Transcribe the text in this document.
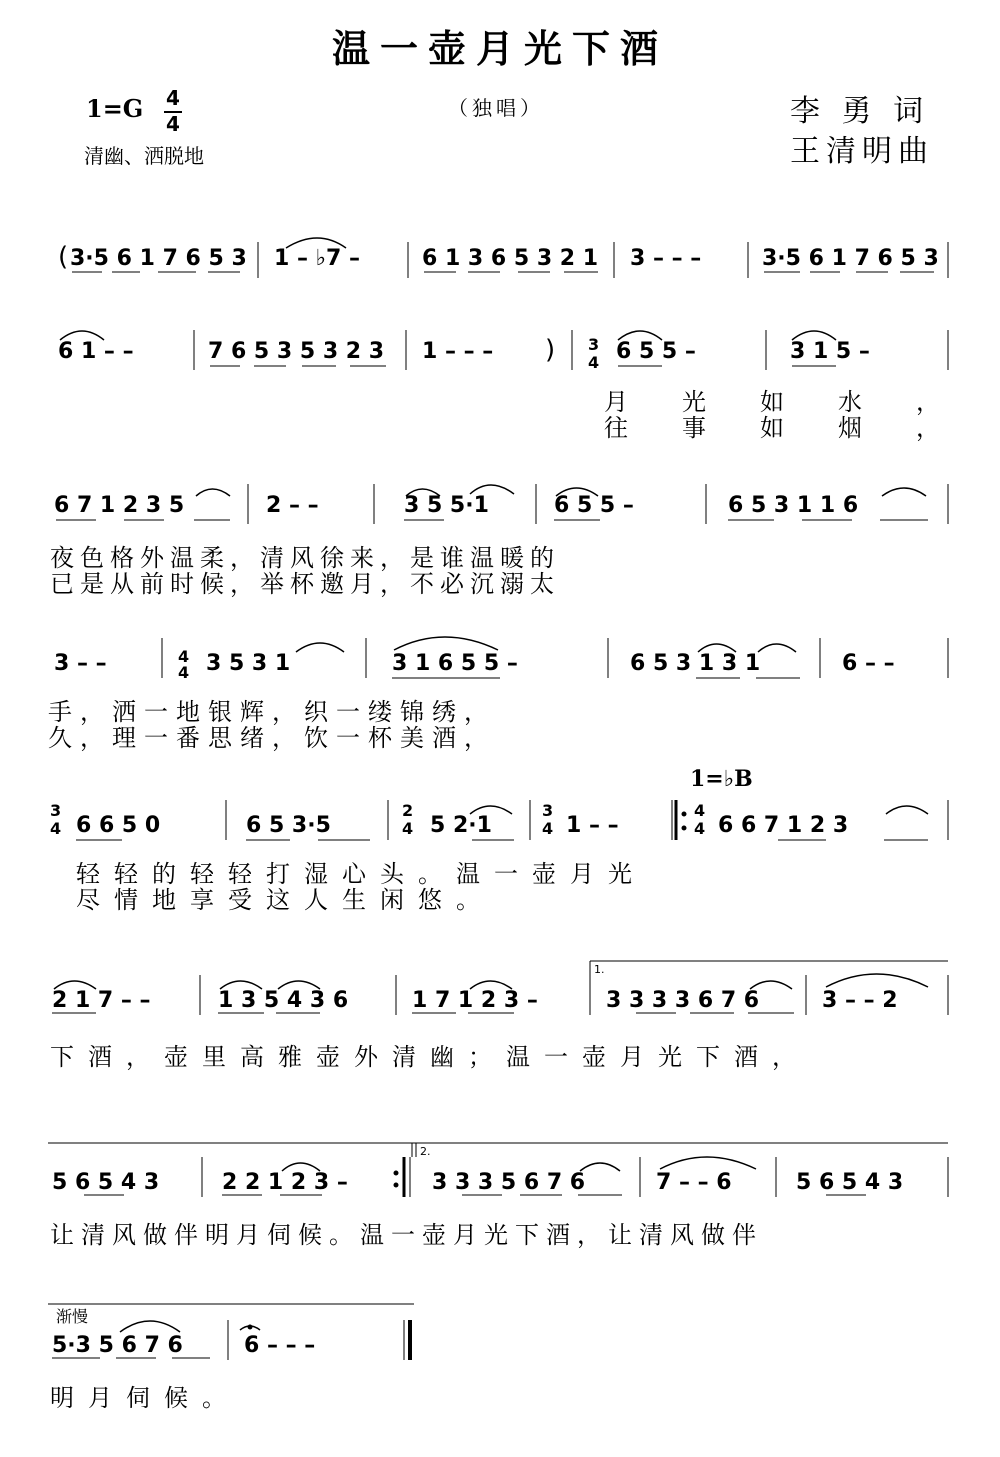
温一壶月光下酒
1=G 4
4
清幽、洒脱地
（独唱）	李 勇 词
王清明曲
( 3·5 6 1 7 6 5 3 1 – ♭7 –	6 1 3 6 5 3 2 1 3 – – –	3·5 6 1 7 6 5 3
6 1 – –	7 6 5 3 5 3 2 3 1 – – – ) 3
4 6 5 5 –	3 1 5 –
月光如水，
往事如烟，
6 7 1 2 3 5	2 – –	3 5 5·1	6 5 5 –	6 5 3 1 1 6
夜色格外温柔，清风徐来，是谁温暖的
已是从前时候，举杯邀月，不必沉溺太
3 – –	4
4 3 5 3 1	3 1 6 5 5 –	6 5 3 1 3 1	6 – –
手，洒一地银辉，织一缕锦绣，
久，理一番思绪，饮一杯美酒，
1=♭B
3
4 6 6 5 0	6 5 3·5
2
4 5 2·1
3
4 1 – –
4
4 6 6 7 1 2 3
轻轻的轻轻打湿心头。温一壶月光
尽情地享受这人生闲悠。
1.
2 1 7 – –	1 3 5 4 3 6	1 7 1 2 3 –	3 3 3 3 6 7 6	3 – – 2
下酒，壶里高雅壶外清幽；温一壶月光下酒，
2.
5 6 5 4 3	2 2 1 2 3 –	3 3 3 5 6 7 6	7 – – 6	5 6 5 4 3
让清风做伴明月伺候。温一壶月光下酒，让清风做伴
渐慢
5·3 5 6 7 6	6 – – –
明月伺候。
